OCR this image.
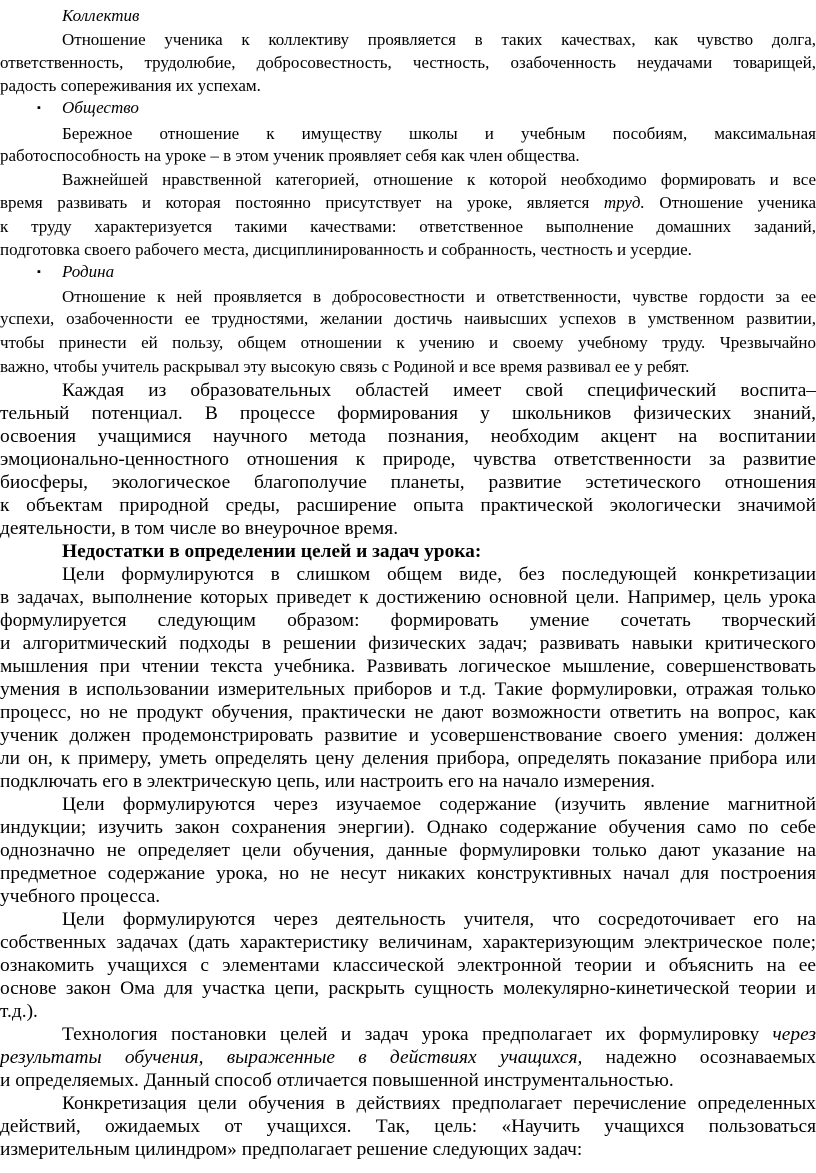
Коллектив
Отношение ученика к коллективу проявляется в таких качествах, как чувство долга,
ответственность, трудолюбие, добросовестность, честность, озабоченность неудачами товарищей,
радость сопереживания их успехам.
▪ Общество
Бережное отношение к имуществу школы и учебным пособиям, максимальная
работоспособность на уроке – в этом ученик проявляет себя как член общества.
Важнейшей нравственной категорией, отношение к которой необходимо формировать и все
время развивать и которая постоянно присутствует на уроке, является труд. Отношение ученика
к труду характеризуется такими качествами: ответственное выполнение домашних заданий,
подготовка своего рабочего места, дисциплинированность и собранность, честность и усердие.
▪ Родина
Отношение к ней проявляется в добросовестности и ответственности, чувстве гордости за ее
успехи, озабоченности ее трудностями, желании достичь наивысших успехов в умственном развитии,
чтобы принести ей пользу, общем отношении к учению и своему учебному труду. Чрезвычайно
важно, чтобы учитель раскрывал эту высокую связь с Родиной и все время развивал ее у ребят.
Каждая из образовательных областей имеет свой специфический воспита–
тельный потенциал. В процессе формирования у школьников физических знаний,
освоения учащимися научного метода познания, необходим акцент на воспитании
эмоционально-ценностного отношения к природе, чувства ответственности за развитие
биосферы, экологическое благополучие планеты, развитие эстетического отношения
к объектам природной среды, расширение опыта практической экологически значимой
деятельности, в том числе во внеурочное время.
Недостатки в определении целей и задач урока:
Цели формулируются в слишком общем виде, без последующей конкретизации
в задачах, выполнение которых приведет к достижению основной цели. Например, цель урока
формулируется следующим образом: формировать умение сочетать творческий
и алгоритмический подходы в решении физических задач; развивать навыки критического
мышления при чтении текста учебника. Развивать логическое мышление, совершенствовать
умения в использовании измерительных приборов и т.д. Такие формулировки, отражая только
процесс, но не продукт обучения, практически не дают возможности ответить на вопрос, как
ученик должен продемонстрировать развитие и усовершенствование своего умения: должен
ли он, к примеру, уметь определять цену деления прибора, определять показание прибора или
подключать его в электрическую цепь, или настроить его на начало измерения.
Цели формулируются через изучаемое содержание (изучить явление магнитной
индукции; изучить закон сохранения энергии). Однако содержание обучения само по себе
однозначно не определяет цели обучения, данные формулировки только дают указание на
предметное содержание урока, но не несут никаких конструктивных начал для построения
учебного процесса.
Цели формулируются через деятельность учителя, что сосредоточивает его на
собственных задачах (дать характеристику величинам, характеризующим электрическое поле;
ознакомить учащихся с элементами классической электронной теории и объяснить на ее
основе закон Ома для участка цепи, раскрыть сущность молекулярно-кинетической теории и
т.д.).
Технология постановки целей и задач урока предполагает их формулировку через
результаты обучения, выраженные в действиях учащихся, надежно осознаваемых
и определяемых. Данный способ отличается повышенной инструментальностью.
Конкретизация цели обучения в действиях предполагает перечисление определенных
действий, ожидаемых от учащихся. Так, цель: «Научить учащихся пользоваться
измерительным цилиндром» предполагает решение следующих задач:
